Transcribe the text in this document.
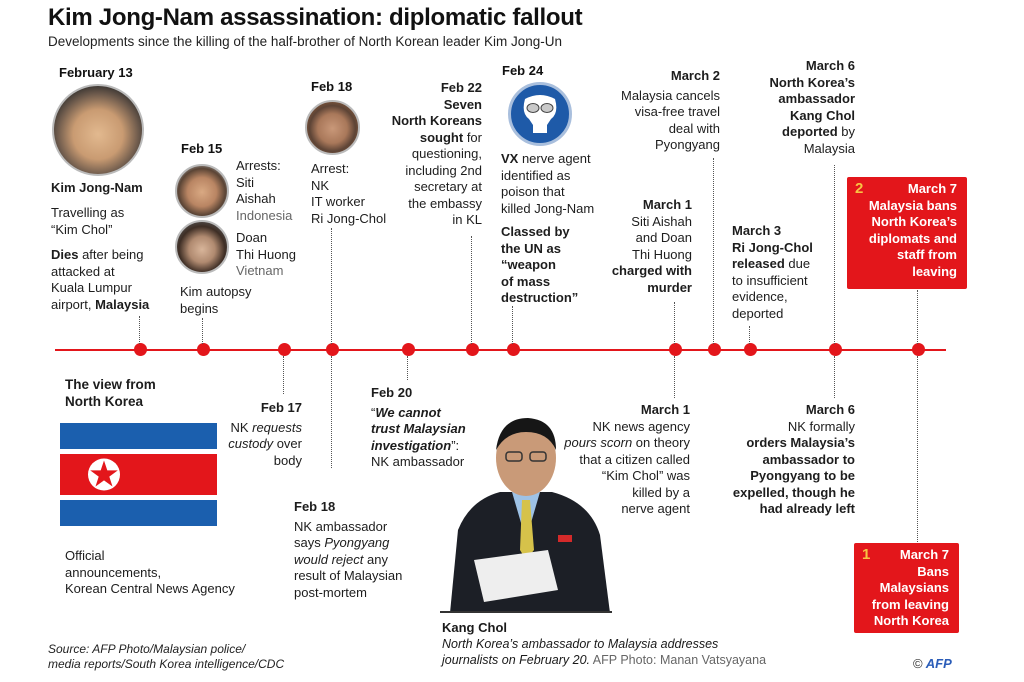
Kim Jong-Nam assassination: diplomatic fallout
Developments since the killing of the half-brother of North Korean leader Kim Jong-Un
February 13
Kim Jong-Nam
Travelling as
“Kim Chol”
Dies after being
attacked at
Kuala Lumpur
airport, Malaysia
Feb 15
Arrests:
Siti
Aishah
Indonesia
Doan
Thi Huong
Vietnam
Kim autopsy
begins
Feb 18
Arrest:
NK
IT worker
Ri Jong-Chol
Feb 22
Seven
North Koreans
sought for
questioning,
including 2nd
secretary at
the embassy
in KL
Feb 24
VX nerve agent
identified as
poison that
killed Jong-Nam
Classed by
the UN as
“weapon
of mass
destruction”
March 1
Siti Aishah
and Doan
Thi Huong
charged with
murder
March 2
Malaysia cancels
visa-free travel
deal with
Pyongyang
March 3
Ri Jong-Chol
released due
to insufficient
evidence,
deported
March 6
North Korea’s
ambassador
Kang Chol
deported by
Malaysia
2	March 7
Malaysia bans
North Korea’s
diplomats and
staff from
leaving
The view from
North Korea
Official
announcements,
Korean Central News Agency
Feb 17
NK requests
custody over
body
Feb 18
NK ambassador
says Pyongyang
would reject any
result of Malaysian
post-mortem
Feb 20
“We cannot
trust Malaysian
investigation”:
NK ambassador
March 1
NK news agency
pours scorn on theory
that a citizen called
“Kim Chol” was
killed by a
nerve agent
March 6
NK formally
orders Malaysia’s
ambassador to
Pyongyang to be
expelled, though he
had already left
1	March 7
Bans
Malaysians
from leaving
North Korea
Kang Chol
North Korea’s ambassador to Malaysia addresses
journalists on February 20. AFP Photo: Manan Vatsyayana
Source: AFP Photo/Malaysian police/
media reports/South Korea intelligence/CDC	© AFP
